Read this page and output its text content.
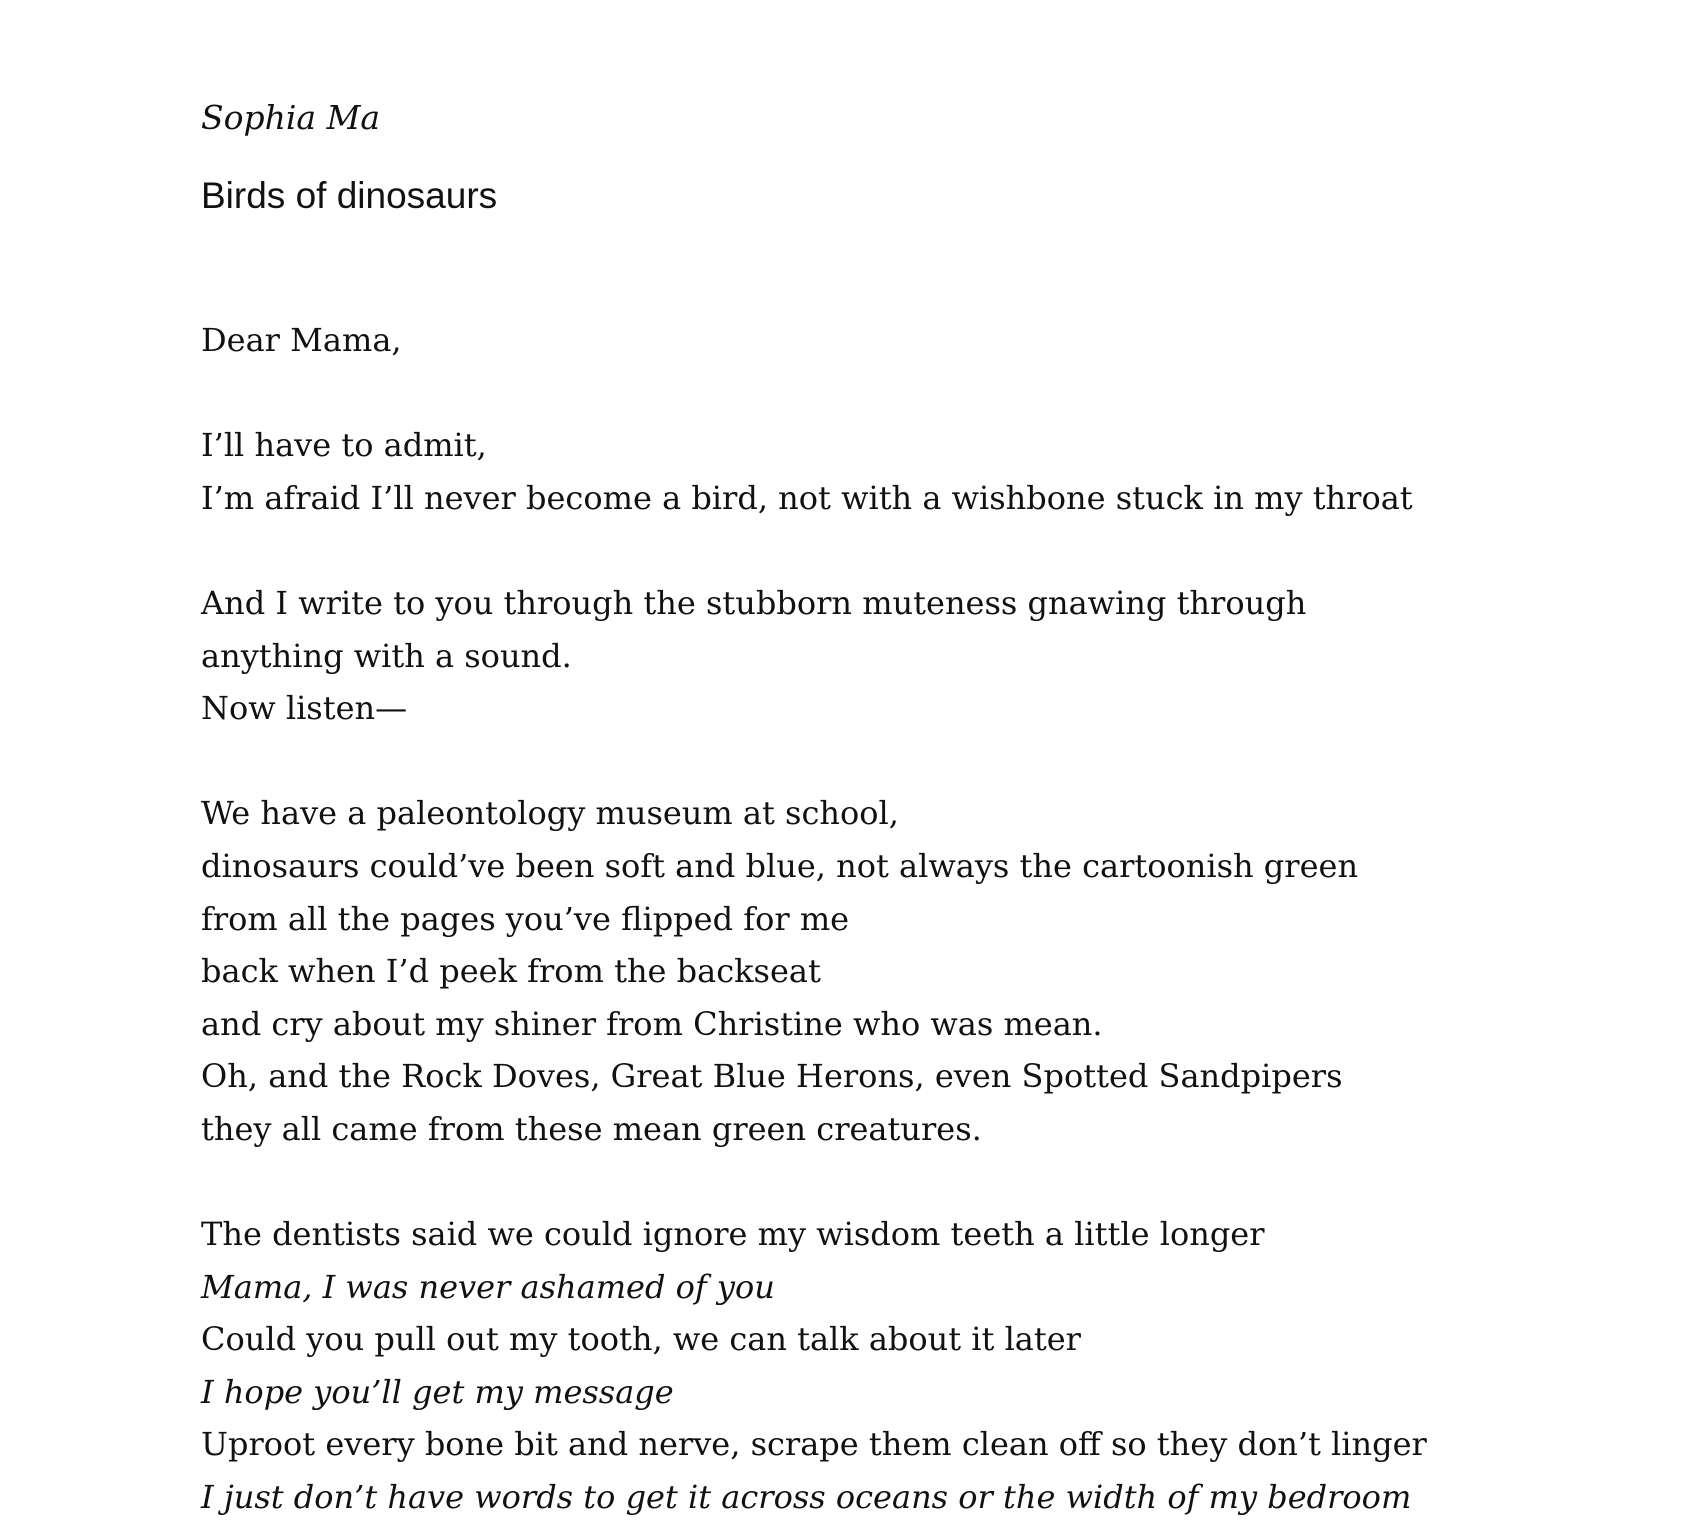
Sophia Ma
Birds of dinosaurs
Dear Mama,
I’ll have to admit,
I’m afraid I’ll never become a bird, not with a wishbone stuck in my throat
And I write to you through the stubborn muteness gnawing through
anything with a sound.
Now listen—
We have a paleontology museum at school,
dinosaurs could’ve been soft and blue, not always the cartoonish green
from all the pages you’ve flipped for me
back when I’d peek from the backseat
and cry about my shiner from Christine who was mean.
Oh, and the Rock Doves, Great Blue Herons, even Spotted Sandpipers
they all came from these mean green creatures.
The dentists said we could ignore my wisdom teeth a little longer
Mama, I was never ashamed of you
Could you pull out my tooth, we can talk about it later
I hope you’ll get my message
Uproot every bone bit and nerve, scrape them clean off so they don’t linger
I just don’t have words to get it across oceans or the width of my bedroom
